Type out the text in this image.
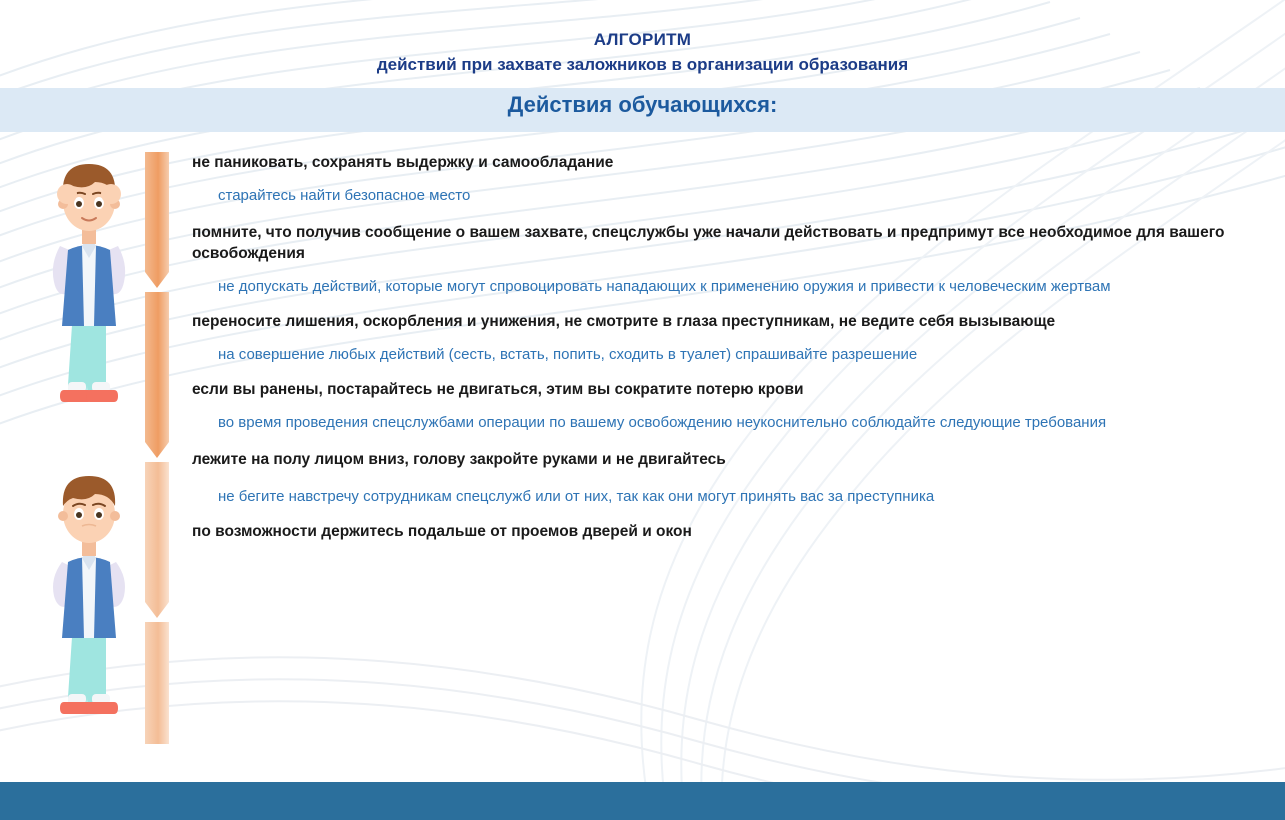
АЛГОРИТМ
действий при захвате заложников в организации образования
Действия обучающихся:

не паниковать, сохранять выдержку и самообладание

старайтесь найти безопасное место

помните, что получив сообщение о вашем захвате, спецслужбы уже начали действовать и предпримут все необходимое для вашего освобождения

не допускать действий, которые могут спровоцировать нападающих к применению оружия и привести к человеческим жертвам

переносите лишения, оскорбления и унижения, не смотрите в глаза преступникам, не ведите себя вызывающе

на совершение любых действий (сесть, встать, попить, сходить в туалет) спрашивайте разрешение

если вы ранены, постарайтесь не двигаться, этим вы сократите потерю крови

во время проведения спецслужбами операции по вашему освобождению неукоснительно соблюдайте следующие требования

лежите на полу лицом вниз, голову закройте руками и не двигайтесь

не бегите навстречу сотрудникам спецслужб или от них, так как они могут принять вас за преступника

по возможности держитесь подальше от проемов дверей и окон
